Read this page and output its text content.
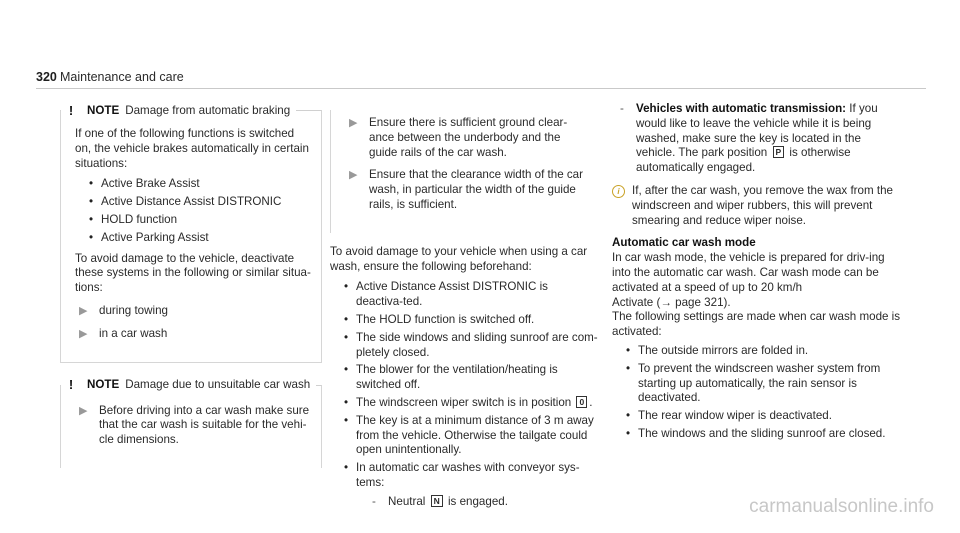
320 Maintenance and care
!	NOTE Damage from automatic braking

If one of the following functions is switched on, the vehicle brakes automatically in certain situations:

• Active Brake Assist
• Active Distance Assist DISTRONIC
• HOLD function
• Active Parking Assist

To avoid damage to the vehicle, deactivate these systems in the following or similar situa-tions:

▶ during towing
▶ in a car wash
!	NOTE Damage due to unsuitable car wash
▶ Before driving into a car wash make sure that the car wash is suitable for the vehi-cle dimensions.
▶ Ensure there is sufficient ground clear-ance between the underbody and the guide rails of the car wash.
▶ Ensure that the clearance width of the car wash, in particular the width of the guide rails, is sufficient.

To avoid damage to your vehicle when using a car wash, ensure the following beforehand:

• Active Distance Assist DISTRONIC is deactiva-ted.
• The HOLD function is switched off.
• The side windows and sliding sunroof are com-pletely closed.
• The blower for the ventilation/heating is switched off.
• The windscreen wiper switch is in position 0 .
• The key is at a minimum distance of 3 m away from the vehicle. Otherwise the tailgate could open unintentionally.
• In automatic car washes with conveyor sys-tems:
-	Neutral N is engaged.
-	Vehicles with automatic transmission: If you would like to leave the vehicle while it is being washed, make sure the key is located in the vehicle. The park position P is otherwise automatically engaged.
i	If, after the car wash, you remove the wax from the windscreen and wiper rubbers, this will prevent smearing and reduce wiper noise.
Automatic car wash mode
In car wash mode, the vehicle is prepared for driv-ing into the automatic car wash. Car wash mode can be activated at a speed of up to 20 km/h
Activate (→ page 321).
The following settings are made when car wash mode is activated:
• The outside mirrors are folded in.
• To prevent the windscreen washer system from starting up automatically, the rain sensor is deactivated.
• The rear window wiper is deactivated.
• The windows and the sliding sunroof are closed.
carmanualsonline.info
